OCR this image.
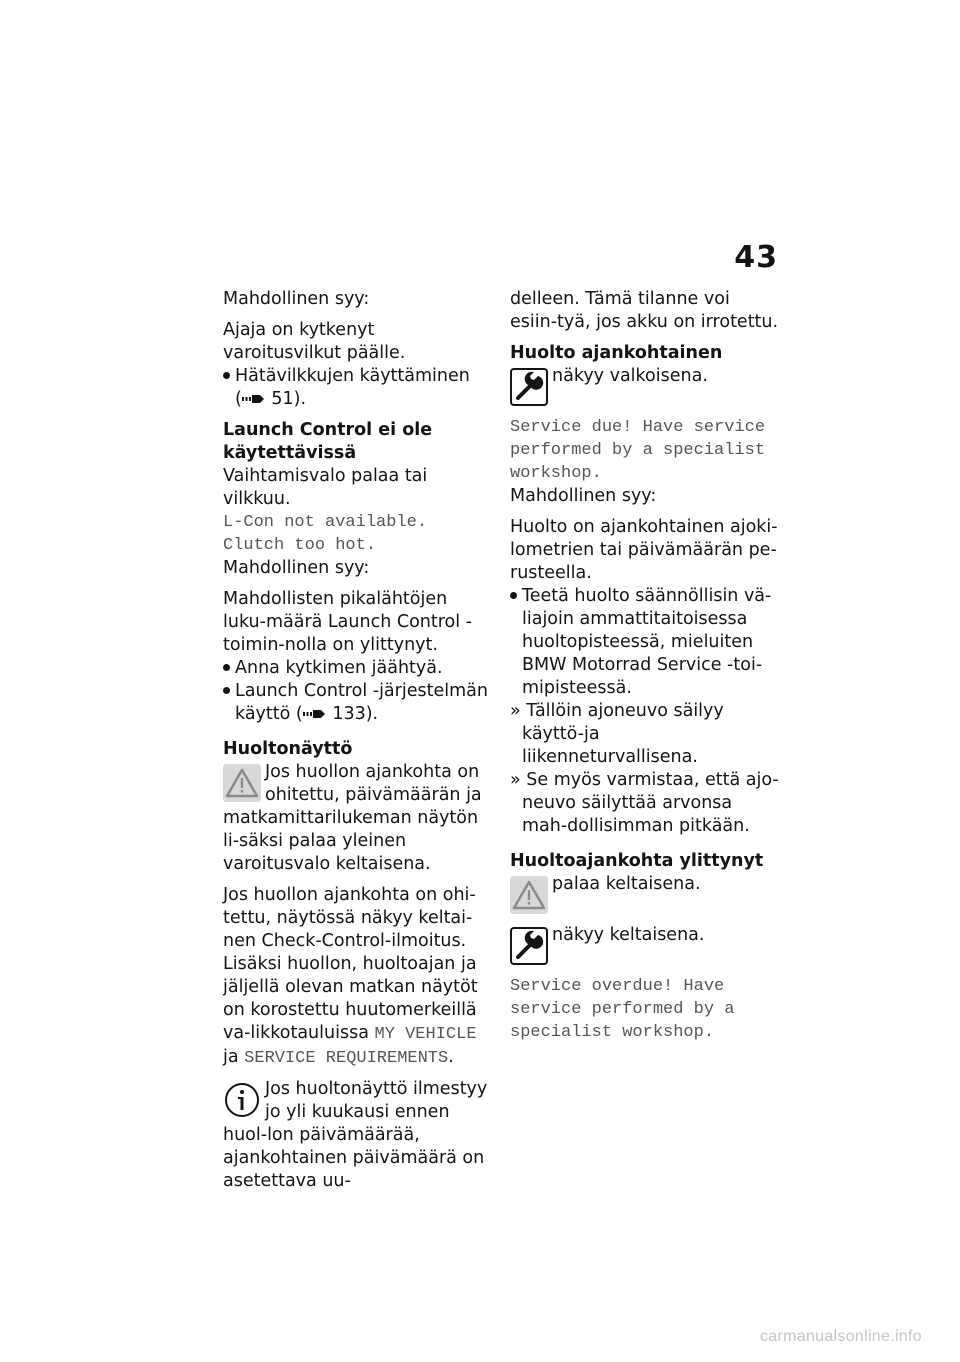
43

Mahdollinen syy:

Ajaja on kytkenyt varoitusvilkut päälle.

Hätävilkkujen käyttäminen
( 51).

Launch Control ei ole käytettävissä

Vaihtamisvalo palaa tai vilkkuu.

L-Con not available.

Clutch too hot.

Mahdollinen syy:

Mahdollisten pikalähtöjen luku-määrä Launch Control -toimin-nolla on ylittynyt.

Anna kytkimen jäähtyä.

Launch Control -järjestelmän käyttö ( 133).

Huoltonäyttö

Jos huollon ajankohta on ohitettu, päivämäärän ja matkamittarilukeman näytön li-säksi palaa yleinen varoitusvalo keltaisena.

Jos huollon ajankohta on ohi-tettu, näytössä näkyy keltai-nen Check-Control-ilmoitus. Lisäksi huollon, huoltoajan ja jäljellä olevan matkan näytöt on korostettu huutomerkeillä va-likkotauluissa MY VEHICLE ja SERVICE REQUIREMENTS.

Jos huoltonäyttö ilmestyy jo yli kuukausi ennen huol-lon päivämäärää, ajankohtainen päivämäärä on asetettava uu-

delleen. Tämä tilanne voi esiin-tyä, jos akku on irrotettu.

Huolto ajankohtainen

näkyy valkoisena.

Service due! Have service performed by a specialist workshop.

Mahdollinen syy:

Huolto on ajankohtainen ajoki-lometrien tai päivämäärän pe-rusteella.

Teetä huolto säännöllisin vä-liajoin ammattitaitoisessa huoltopisteessä, mieluiten BMW Motorrad Service -toi-mipisteessä.

» Tällöin ajoneuvo säilyy käyttö-ja liikenneturvallisena.

» Se myös varmistaa, että ajo-neuvo säilyttää arvonsa mah-dollisimman pitkään.

Huoltoajankohta ylittynyt

palaa keltaisena.

näkyy keltaisena.

Service overdue! Have service performed by a specialist workshop.

carmanualsonline.info
